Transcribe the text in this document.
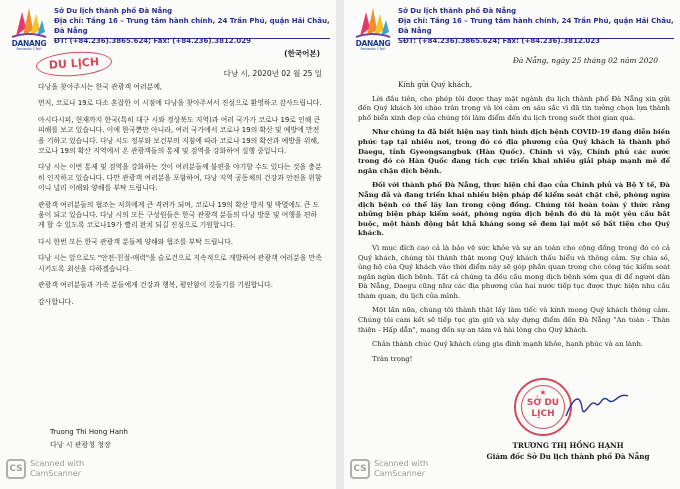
DANANG
Fantastic City!
Sở Du lịch thành phố Đà Nẵng
Địa chỉ: Tầng 16 – Trung tâm hành chính, 24 Trần Phú, quận Hải Châu, Đà Nẵng
ĐT: (+84.236).3865.624; Fax: (+84.236).3812.029
DU LỊCH
(한국어본)
다낭 시, 2020년 02 월 25 일

다낭을 찾아주시는 한국 관광객 여러분께,

먼저, 코로나 19로 다소 혼잡한 이 시점에 다낭을 찾아주셔서 진심으로 환영하고 감사드립니다.

아시다시피, 현재까지 한국(특히 대구 시와 경상북도 지역)과 여러 국가가 코로나 19로 인해 큰 피해를 보고 있습니다. 이에 한국뿐만 아니라, 여러 국가에서 코로나 19의 확산 및 예방에 만전을 기하고 있습니다. 다낭 시도 정부와 보건부의 지침에 따라 코로나 19의 확산과 예방을 위해, 코로나 19의 확산 지역에서 온 관광객들의 통제 및 검역을 강화하여 실행 중입니다.

다낭 시는 이번 통제 및 검역을 강화하는 것이 여러분들께 불편을 야기할 수도 있다는 것을 충분히 인지하고 있습니다. 다만 관광객 여러분을 포함하여, 다낭 지역 공동체의 건강과 안전을 위함이니 널리 이해와 양해를 부탁 드립니다.

관광객 여러분들의 협조는 저희에게 큰 격려가 되며, 코로나 19의 확산 방지 및 박멸에도 큰 도움이 되고 있습니다. 다낭 시의 모든 구성원들은 한국 관광객 분들의 다낭 방문 및 여행을 편하게 할 수 있도록 코로나19가 빨리 완치 되길 진심으로 기원합니다.

다시 한번 모든 한국 관광객 분들께 양해와 협조를 부탁 드립니다.

다낭 시는 앞으로도 "안전-친절-매력"을 슬로건으로 지속적으로 개발하여 관광객 여러분을 만족시키도록 최선을 다하겠습니다.

관광객 여러분들과 가족 분들에게 건강과 행복, 평안함이 깃들기를 기원합니다.

감사합니다.

Truong Thi Hong Hanh
다낭 시 관광청 청장
CS
Scanned with
CamScanner
DANANG
Fantastic City!
Sở Du lịch thành phố Đà Nẵng
Địa chỉ: Tầng 16 – Trung tâm hành chính, 24 Trần Phú, quận Hải Châu, Đà Nẵng
SĐT: (+84.236).3865.624; Fax: (+84.236).3812.023
Đà Nẵng, ngày 25 tháng 02 năm 2020

Kính gửi Quý khách,

Lời đầu tiên, cho phép tôi được thay mặt ngành du lịch thành phố Đà Nẵng xin gửi đến Quý khách lời chào trân trọng và lời cảm ơn sâu sắc vì đã tin tưởng chọn lựa thành phố biển xinh đẹp của chúng tôi làm điểm đến du lịch trong suốt thời gian qua.

Như chúng ta đã biết hiện nay tình hình dịch bệnh COVID-19 đang diễn biến phức tạp tại nhiều nơi, trong đó có địa phương của Quý khách là thành phố Daegu, tỉnh Gyeongsangbuk (Hàn Quốc). Chính vì vậy, Chính phủ các nước trong đó có Hàn Quốc đang tích cực triển khai nhiều giải pháp mạnh mẽ để ngăn chặn dịch bệnh.

Đối với thành phố Đà Nẵng, thực hiện chỉ đạo của Chính phủ và Bộ Y tế, Đà Nẵng đã và đang triển khai nhiều biện pháp để kiểm soát chặt chẽ, phòng ngừa dịch bệnh có thể lây lan trong cộng đồng. Chúng tôi hoàn toàn ý thức rằng những biện pháp kiểm soát, phòng ngừa dịch bệnh đó dù là một yêu cầu bắt buộc, một hành động bắt khả kháng song sẽ đem lại một số bất tiện cho Quý khách.

Vì mục đích cao cả là bảo vệ sức khỏe và sự an toàn cho cộng đồng trong đó có cả Quý khách, chúng tôi thành thật mong Quý khách thấu hiểu và thông cảm. Sự chia sẻ, ủng hộ của Quý khách vào thời điểm này sẽ góp phần quan trọng cho công tác kiểm soát ngăn ngừa dịch bệnh. Tất cả chúng ta đều cầu mong dịch bệnh sớm qua đi để người dân Đà Nẵng, Daegu cũng như các địa phương của hai nước tiếp tục được thực hiện nhu cầu tham quan, du lịch của mình.

Một lần nữa, chúng tôi thành thật lấy làm tiếc và kính mong Quý khách thông cảm. Chúng tôi cam kết sẽ tiếp tục gìn giữ và xây dựng điểm đến Đà Nẵng "An toàn - Thân thiện - Hấp dẫn", mang đến sự an tâm và hài lòng cho Quý khách.

Chân thành chúc Quý khách cùng gia đình mạnh khỏe, hạnh phúc và an lành.

Trân trọng!

★
SỞ DU LỊCH
TRƯƠNG THỊ HỒNG HẠNH
Giám đốc Sở Du lịch thành phố Đà Nẵng
CS
Scanned with
CamScanner
